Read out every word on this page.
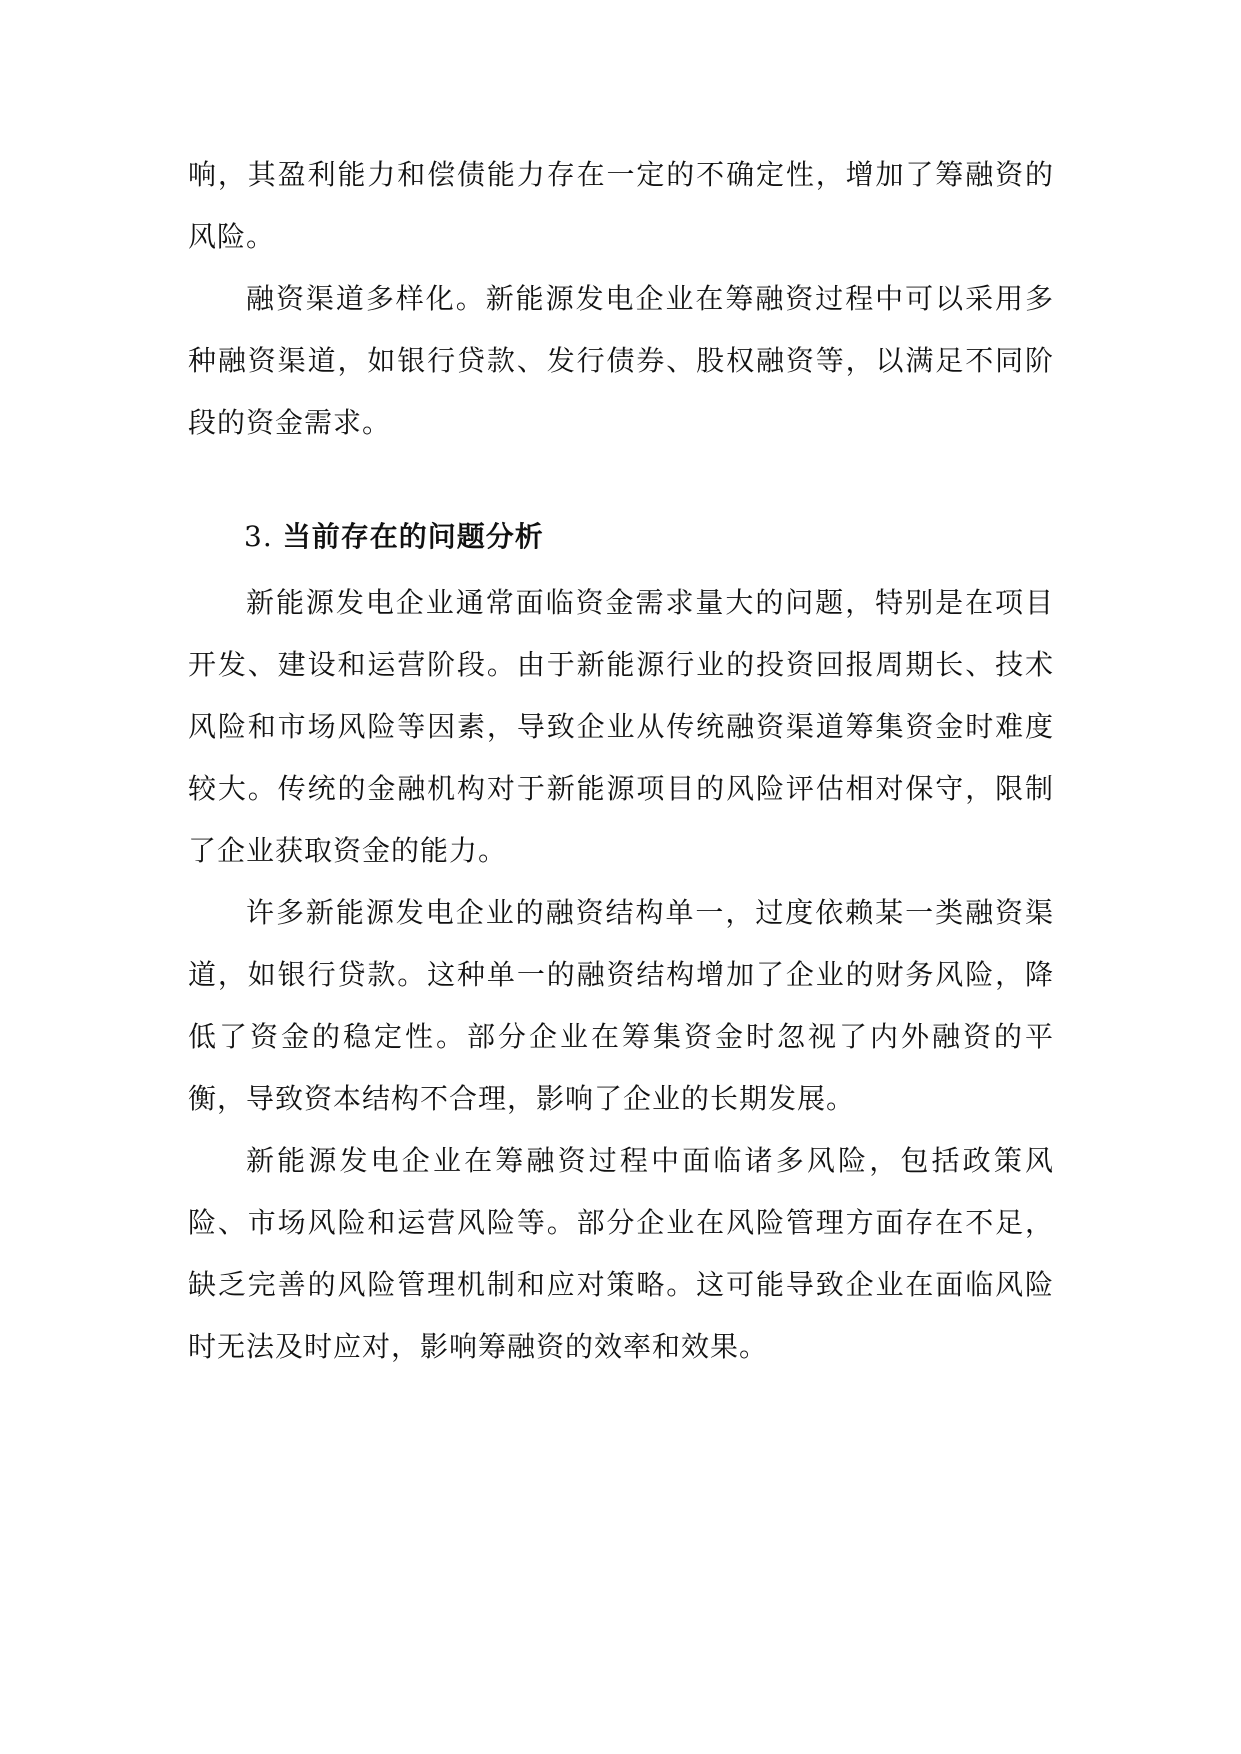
响，其盈利能力和偿债能力存在一定的不确定性，增加了筹融资的风险。

融资渠道多样化。新能源发电企业在筹融资过程中可以采用多种融资渠道，如银行贷款、发行债券、股权融资等，以满足不同阶段的资金需求。

3. 当前存在的问题分析

新能源发电企业通常面临资金需求量大的问题，特别是在项目开发、建设和运营阶段。由于新能源行业的投资回报周期长、技术风险和市场风险等因素，导致企业从传统融资渠道筹集资金时难度较大。传统的金融机构对于新能源项目的风险评估相对保守，限制了企业获取资金的能力。

许多新能源发电企业的融资结构单一，过度依赖某一类融资渠道，如银行贷款。这种单一的融资结构增加了企业的财务风险，降低了资金的稳定性。部分企业在筹集资金时忽视了内外融资的平衡，导致资本结构不合理，影响了企业的长期发展。

新能源发电企业在筹融资过程中面临诸多风险，包括政策风险、市场风险和运营风险等。部分企业在风险管理方面存在不足，缺乏完善的风险管理机制和应对策略。这可能导致企业在面临风险时无法及时应对，影响筹融资的效率和效果。
